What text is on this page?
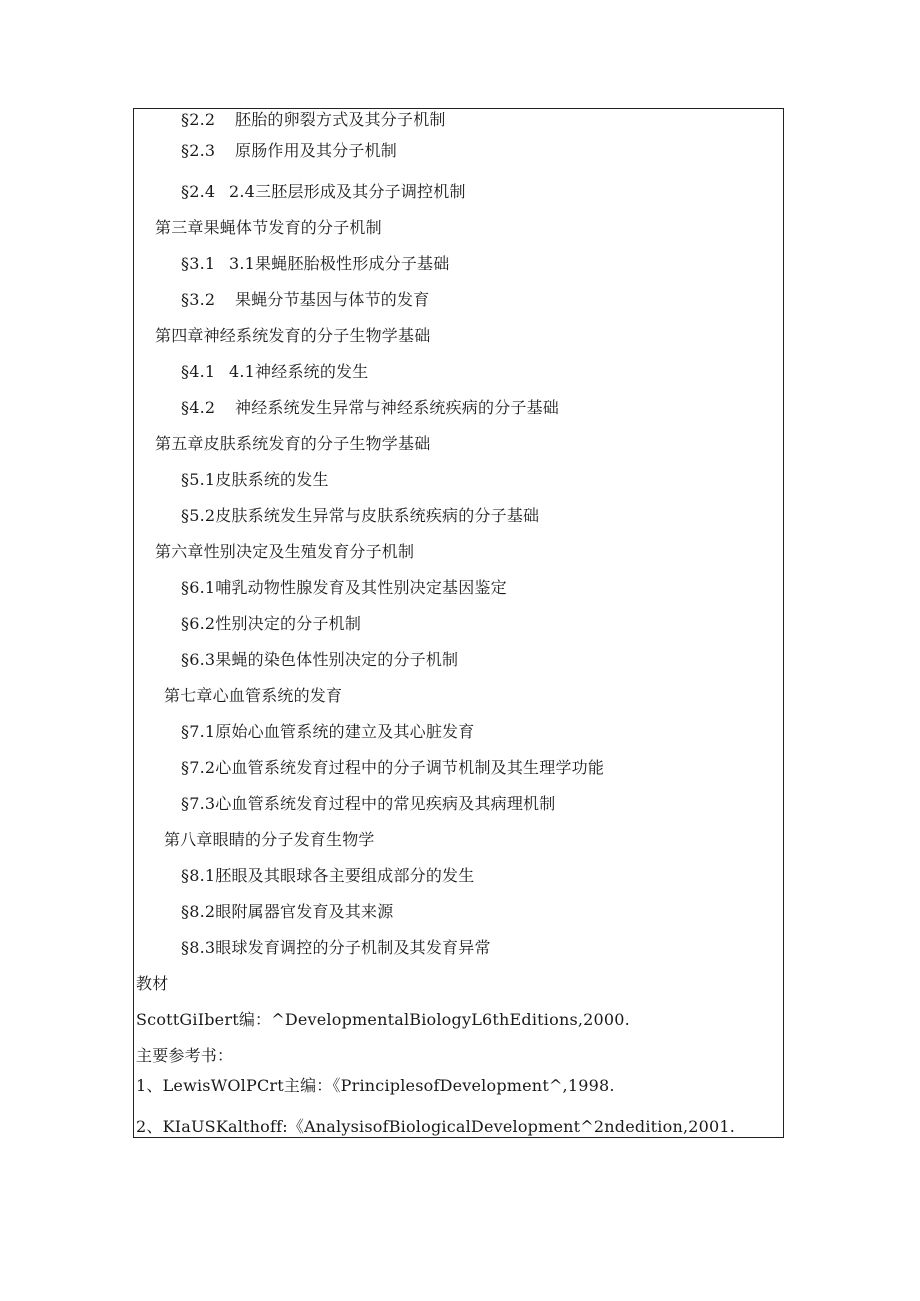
§2.2 胚胎的卵裂方式及其分子机制
§2.3 原肠作用及其分子机制
§2.4 2.4三胚层形成及其分子调控机制
第三章果蝇体节发育的分子机制
§3.1 3.1果蝇胚胎极性形成分子基础
§3.2 果蝇分节基因与体节的发育
第四章神经系统发育的分子生物学基础
§4.1 4.1神经系统的发生
§4.2 神经系统发生异常与神经系统疾病的分子基础
第五章皮肤系统发育的分子生物学基础
§5.1皮肤系统的发生
§5.2皮肤系统发生异常与皮肤系统疾病的分子基础
第六章性别决定及生殖发育分子机制
§6.1哺乳动物性腺发育及其性别决定基因鉴定
§6.2性别决定的分子机制
§6.3果蝇的染色体性别决定的分子机制
第七章心血管系统的发育
§7.1原始心血管系统的建立及其心脏发育
§7.2心血管系统发育过程中的分子调节机制及其生理学功能
§7.3心血管系统发育过程中的常见疾病及其病理机制
第八章眼睛的分子发育生物学
§8.1胚眼及其眼球各主要组成部分的发生
§8.2眼附属器官发育及其来源
§8.3眼球发育调控的分子机制及其发育异常
教材
ScottGiIbert编：^DevelopmentalBiologyL6thEditions,2000.
主要参考书：
1、LewisWOlPCrt主编：《PrinciplesofDevelopment^,1998.
2、KIaUSKalthoff:《AnalysisofBiologicalDevelopment^2ndedition,2001.
